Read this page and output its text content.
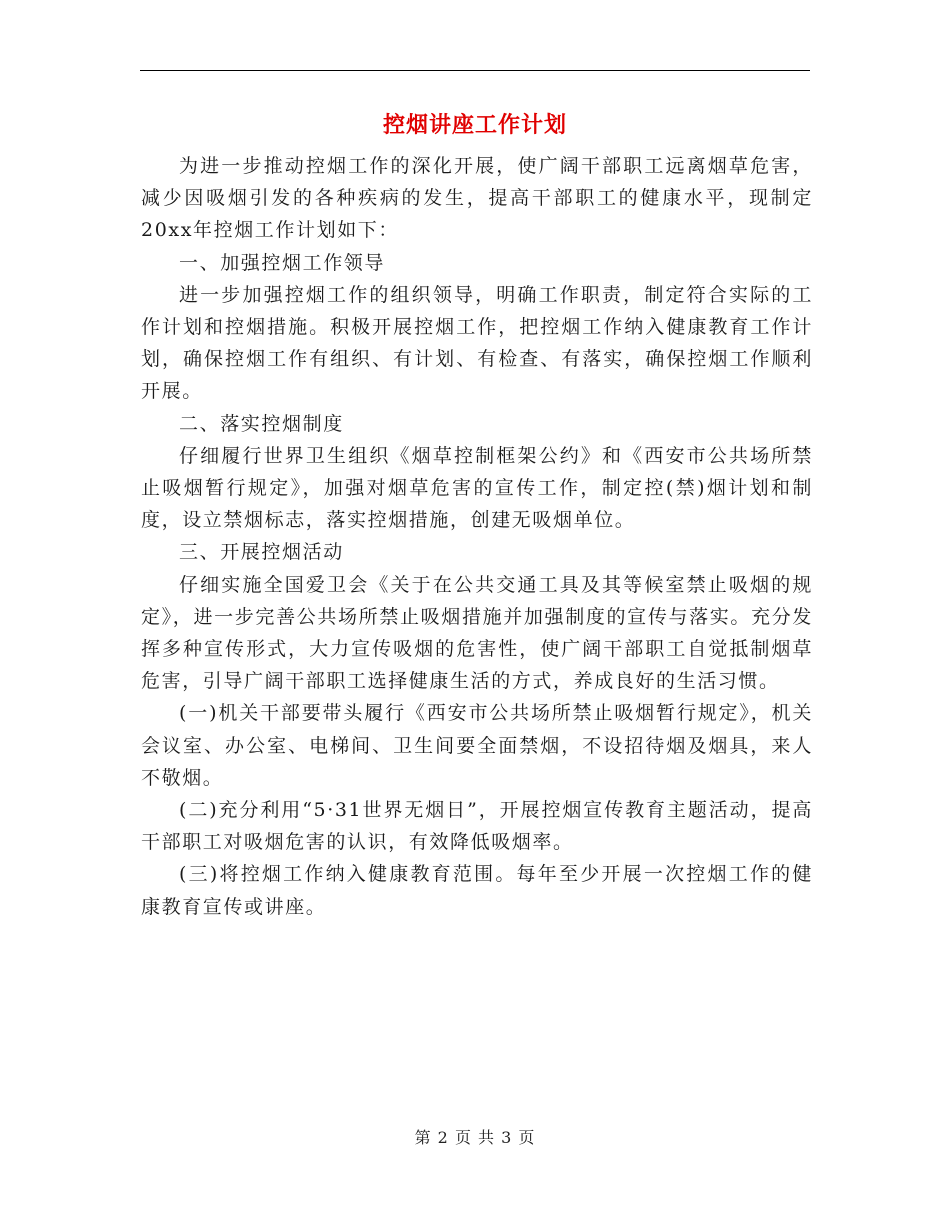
控烟讲座工作计划

为进一步推动控烟工作的深化开展，使广阔干部职工远离烟草危害，减少因吸烟引发的各种疾病的发生，提高干部职工的健康水平，现制定20xx年控烟工作计划如下：

一、加强控烟工作领导

进一步加强控烟工作的组织领导，明确工作职责，制定符合实际的工作计划和控烟措施。积极开展控烟工作，把控烟工作纳入健康教育工作计划，确保控烟工作有组织、有计划、有检查、有落实，确保控烟工作顺利开展。

二、落实控烟制度

仔细履行世界卫生组织《烟草控制框架公约》和《西安市公共场所禁止吸烟暂行规定》，加强对烟草危害的宣传工作，制定控(禁)烟计划和制度，设立禁烟标志，落实控烟措施，创建无吸烟单位。

三、开展控烟活动

仔细实施全国爱卫会《关于在公共交通工具及其等候室禁止吸烟的规定》，进一步完善公共场所禁止吸烟措施并加强制度的宣传与落实。充分发挥多种宣传形式，大力宣传吸烟的危害性，使广阔干部职工自觉抵制烟草危害，引导广阔干部职工选择健康生活的方式，养成良好的生活习惯。

(一)机关干部要带头履行《西安市公共场所禁止吸烟暂行规定》，机关会议室、办公室、电梯间、卫生间要全面禁烟，不设招待烟及烟具，来人不敬烟。

(二)充分利用“5·31世界无烟日”，开展控烟宣传教育主题活动，提高干部职工对吸烟危害的认识，有效降低吸烟率。

(三)将控烟工作纳入健康教育范围。每年至少开展一次控烟工作的健康教育宣传或讲座。

第 2 页 共 3 页
